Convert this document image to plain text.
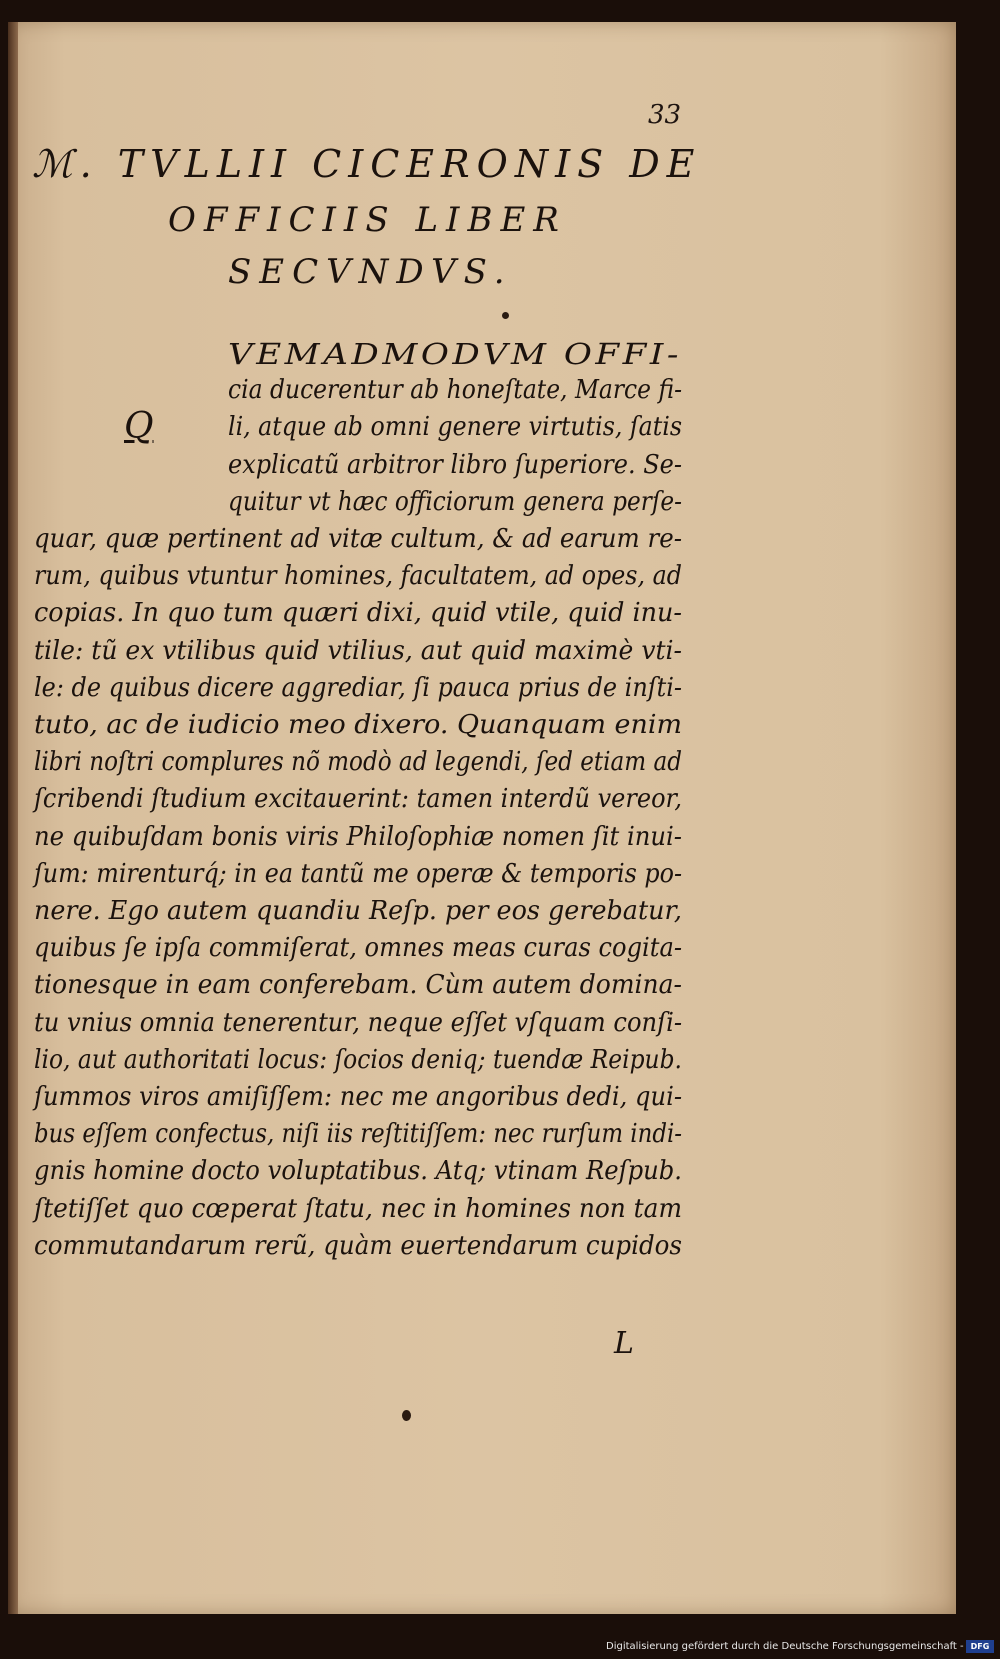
33
ℳ. TVLLII CICERONIS DE
OFFICIIS LIBER
SECVNDVS.
Q
VEMADMODVM OFFI-
cia ducerentur ab honeſtate, Marce fi-
li, atque ab omni genere virtutis, ſatis
explicatũ arbitror libro ſuperiore. Se-
quitur vt hæc officiorum genera perſe-
quar, quæ pertinent ad vitæ cultum, & ad earum re-
rum, quibus vtuntur homines, facultatem, ad opes, ad
copias. In quo tum quæri dixi, quid vtile, quid inu-
tile: tũ ex vtilibus quid vtilius, aut quid maximè vti-
le: de quibus dicere aggrediar, ſi pauca prius de inſti-
tuto, ac de iudicio meo dixero. Quanquam enim
libri noſtri complures nõ modò ad legendi, ſed etiam ad
ſcribendi ſtudium excitauerint: tamen interdũ vereor,
ne quibuſdam bonis viris Philoſophiæ nomen ſit inui-
ſum: mirenturq́; in ea tantũ me operæ & temporis po-
nere. Ego autem quandiu Reſp. per eos gerebatur,
quibus ſe ipſa commiſerat, omnes meas curas cogita-
tionesque in eam conferebam. Cùm autem domina-
tu vnius omnia tenerentur, neque eſſet vſquam conſi-
lio, aut authoritati locus: ſocios deniq; tuendæ Reipub.
ſummos viros amiſiſſem: nec me angoribus dedi, qui-
bus eſſem confectus, niſi iis reſtitiſſem: nec rurſum indi-
gnis homine docto voluptatibus. Atq; vtinam Reſpub.
ſtetiſſet quo cœperat ſtatu, nec in homines non tam
commutandarum rerũ, quàm euertendarum cupidos
L
Digitalisierung gefördert durch die Deutsche Forschungsgemeinschaft - DFG
